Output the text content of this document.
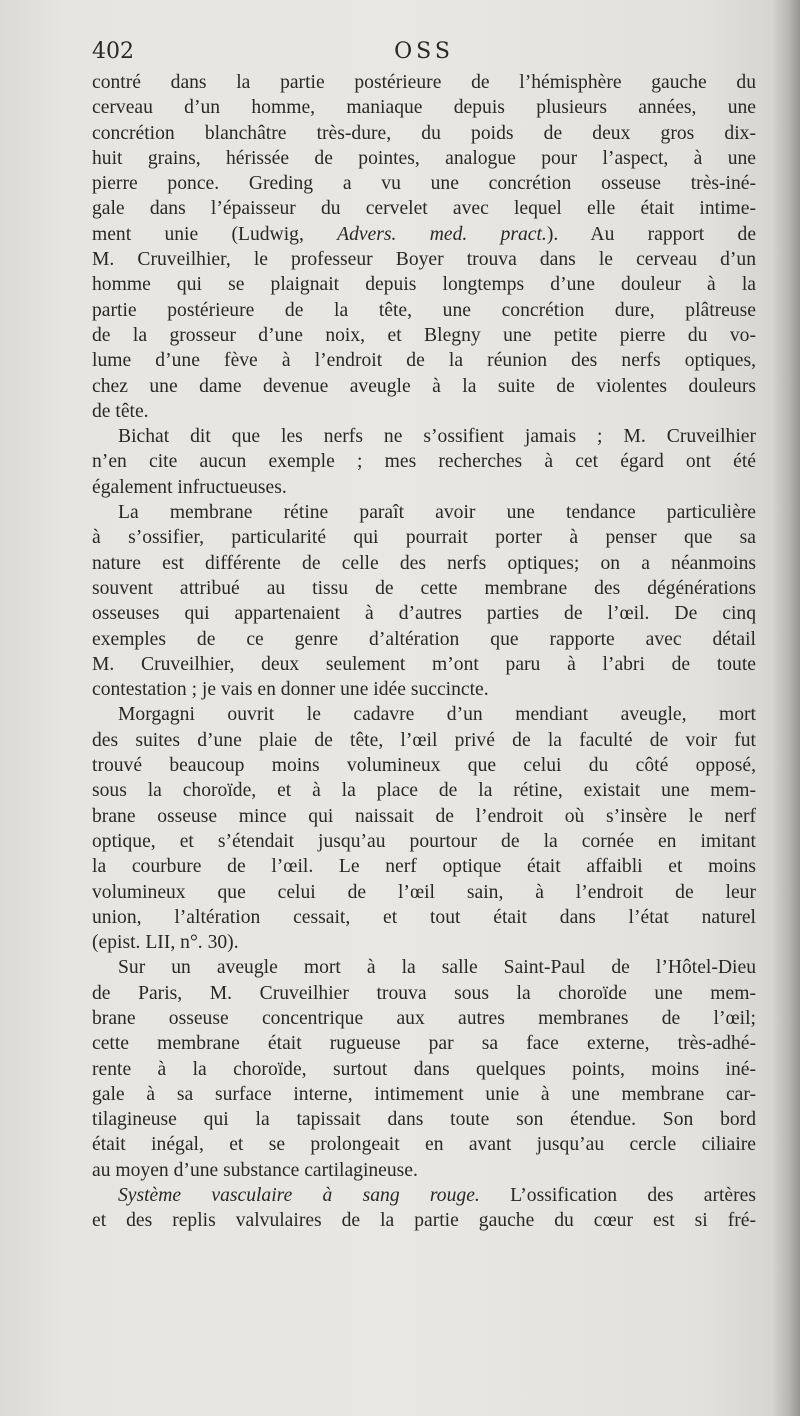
402	OSS
contré dans la partie postérieure de l’hémisphère gauche du
cerveau d’un homme, maniaque depuis plusieurs années, une
concrétion blanchâtre très-dure, du poids de deux gros dix-
huit grains, hérissée de pointes, analogue pour l’aspect, à une
pierre ponce. Greding a vu une concrétion osseuse très-iné-
gale dans l’épaisseur du cervelet avec lequel elle était intime-
ment unie (Ludwig, Advers. med. pract.). Au rapport de
M. Cruveilhier, le professeur Boyer trouva dans le cerveau d’un
homme qui se plaignait depuis longtemps d’une douleur à la
partie postérieure de la tête, une concrétion dure, plâtreuse
de la grosseur d’une noix, et Blegny une petite pierre du vo-
lume d’une fève à l’endroit de la réunion des nerfs optiques,
chez une dame devenue aveugle à la suite de violentes douleurs
de tête.
Bichat dit que les nerfs ne s’ossifient jamais ; M. Cruveilhier
n’en cite aucun exemple ; mes recherches à cet égard ont été
également infructueuses.
La membrane rétine paraît avoir une tendance particulière
à s’ossifier, particularité qui pourrait porter à penser que sa
nature est différente de celle des nerfs optiques; on a néanmoins
souvent attribué au tissu de cette membrane des dégénérations
osseuses qui appartenaient à d’autres parties de l’œil. De cinq
exemples de ce genre d’altération que rapporte avec détail
M. Cruveilhier, deux seulement m’ont paru à l’abri de toute
contestation ; je vais en donner une idée succincte.
Morgagni ouvrit le cadavre d’un mendiant aveugle, mort
des suites d’une plaie de tête, l’œil privé de la faculté de voir fut
trouvé beaucoup moins volumineux que celui du côté opposé,
sous la choroïde, et à la place de la rétine, existait une mem-
brane osseuse mince qui naissait de l’endroit où s’insère le nerf
optique, et s’étendait jusqu’au pourtour de la cornée en imitant
la courbure de l’œil. Le nerf optique était affaibli et moins
volumineux que celui de l’œil sain, à l’endroit de leur
union, l’altération cessait, et tout était dans l’état naturel
(epist. LII, n°. 30).
Sur un aveugle mort à la salle Saint-Paul de l’Hôtel-Dieu
de Paris, M. Cruveilhier trouva sous la choroïde une mem-
brane osseuse concentrique aux autres membranes de l’œil;
cette membrane était rugueuse par sa face externe, très-adhé-
rente à la choroïde, surtout dans quelques points, moins iné-
gale à sa surface interne, intimement unie à une membrane car-
tilagineuse qui la tapissait dans toute son étendue. Son bord
était inégal, et se prolongeait en avant jusqu’au cercle ciliaire
au moyen d’une substance cartilagineuse.
Système vasculaire à sang rouge. L’ossification des artères
et des replis valvulaires de la partie gauche du cœur est si fré-
